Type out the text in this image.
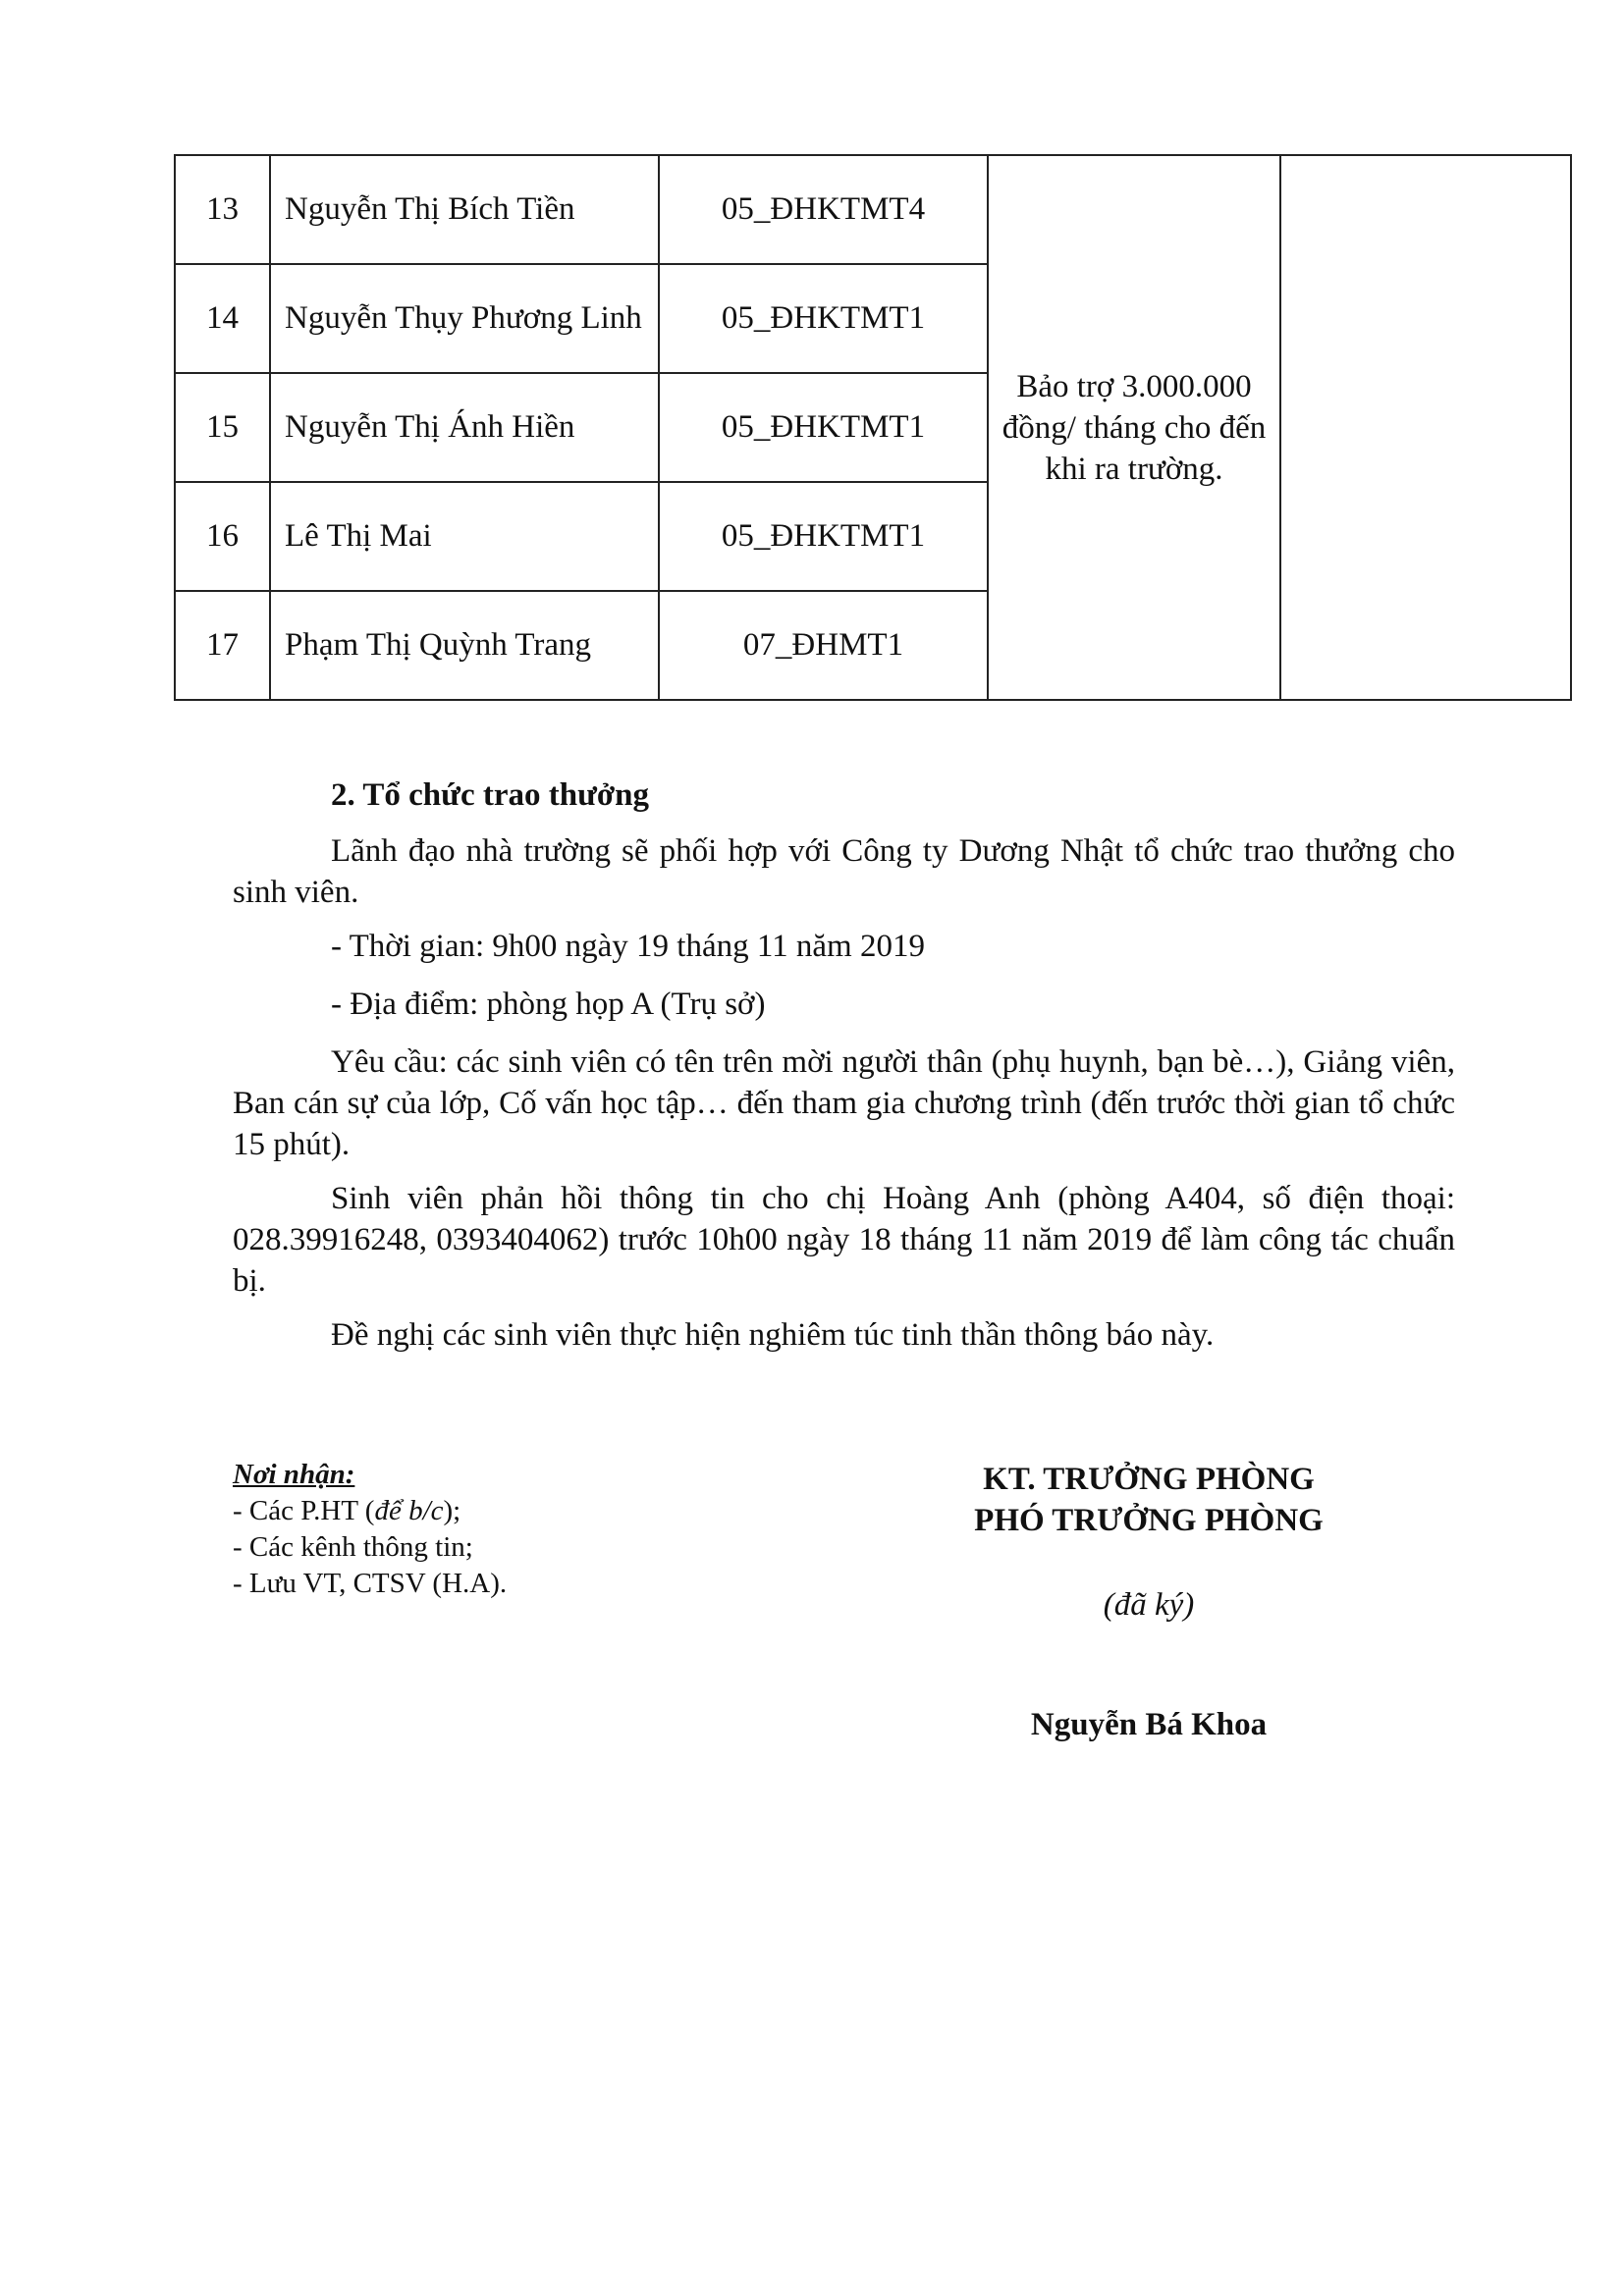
13	Nguyễn Thị Bích Tiền	05_ĐHKTMT4	Bảo trợ 3.000.000 đồng/ tháng cho đến khi ra trường.	
14	Nguyễn Thụy Phương Linh	05_ĐHKTMT1		
15	Nguyễn Thị Ánh Hiền	05_ĐHKTMT1		
16	Lê Thị Mai	05_ĐHKTMT1		
17	Phạm Thị Quỳnh Trang	07_ĐHMT1		

2. Tổ chức trao thưởng

Lãnh đạo nhà trường sẽ phối hợp với Công ty Dương Nhật tổ chức trao thưởng cho sinh viên.

- Thời gian: 9h00 ngày 19 tháng 11 năm 2019

- Địa điểm: phòng họp A (Trụ sở)

Yêu cầu: các sinh viên có tên trên mời người thân (phụ huynh, bạn bè…), Giảng viên, Ban cán sự của lớp, Cố vấn học tập… đến tham gia chương trình (đến trước thời gian tổ chức 15 phút).

Sinh viên phản hồi thông tin cho chị Hoàng Anh (phòng A404, số điện thoại: 028.39916248, 0393404062) trước 10h00 ngày 18 tháng 11 năm 2019 để làm công tác chuẩn bị.

Đề nghị các sinh viên thực hiện nghiêm túc tinh thần thông báo này.

Nơi nhận:

- Các P.HT (để b/c);

- Các kênh thông tin;

- Lưu VT, CTSV (H.A).

KT. TRƯỞNG PHÒNG

PHÓ TRƯỞNG PHÒNG

(đã ký)

Nguyễn Bá Khoa
